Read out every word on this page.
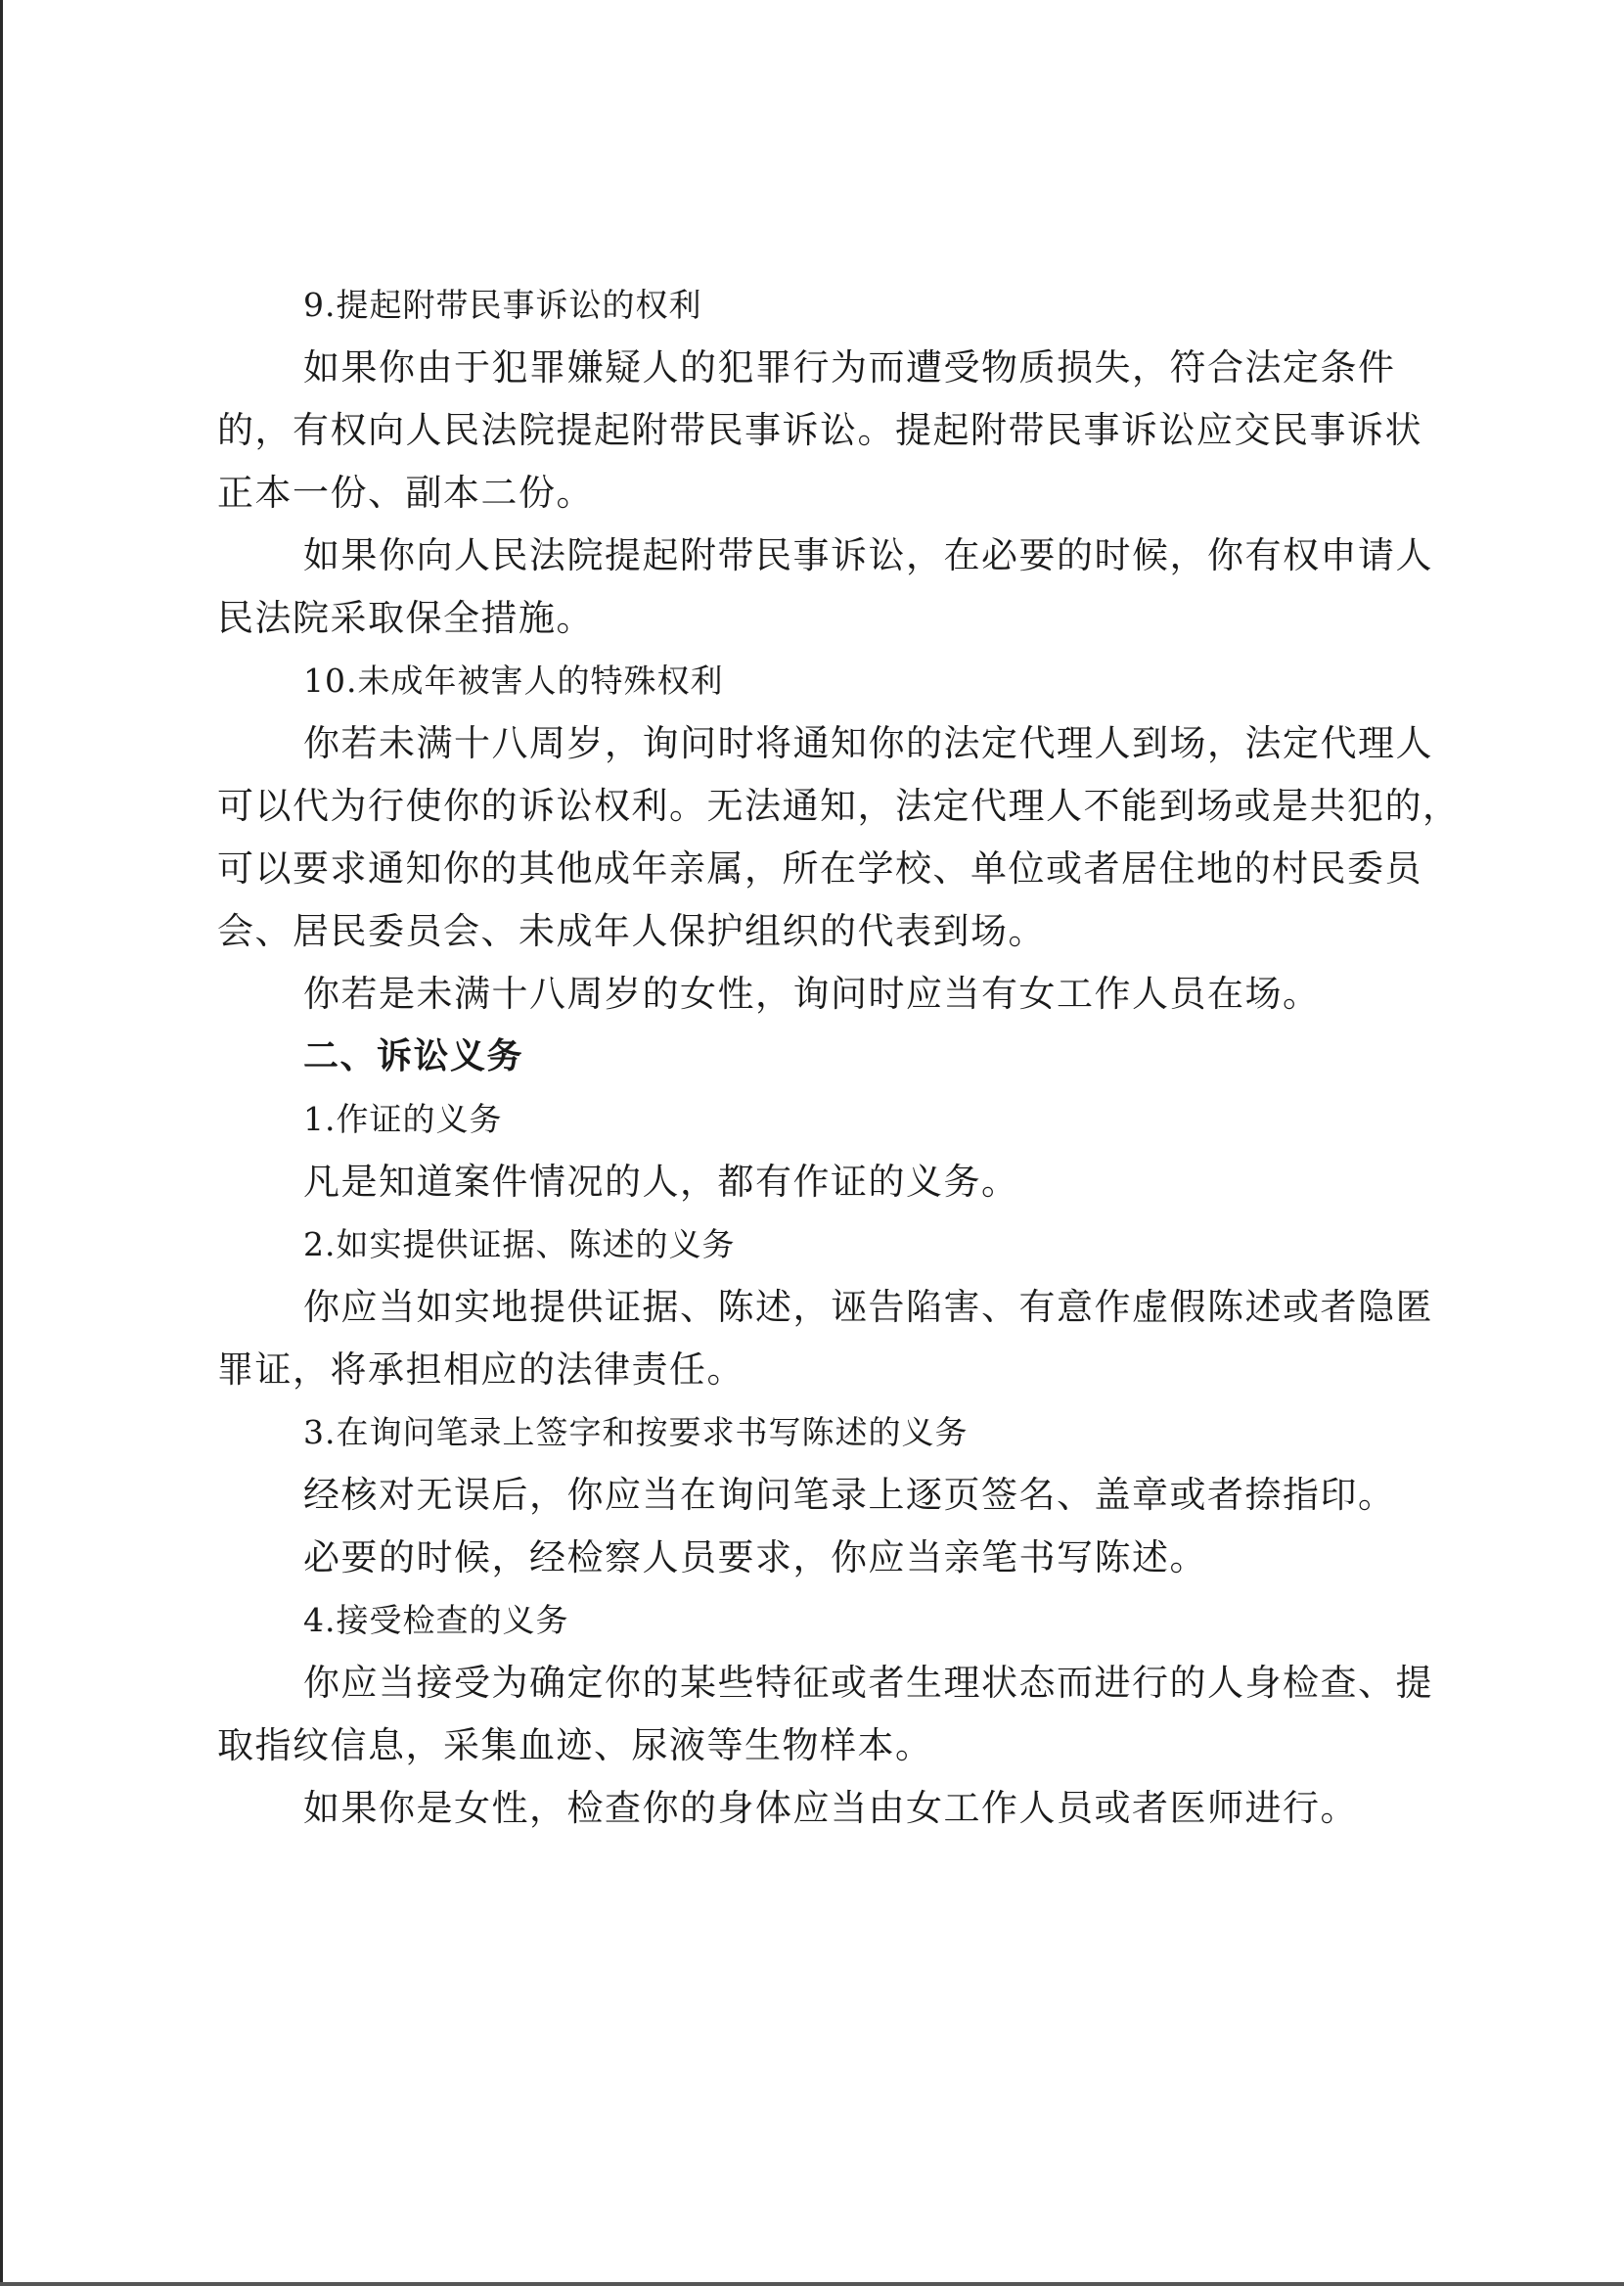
9.提起附带民事诉讼的权利
如果你由于犯罪嫌疑人的犯罪行为而遭受物质损失，符合法定条件
的，有权向人民法院提起附带民事诉讼。提起附带民事诉讼应交民事诉状
正本一份、副本二份。
如果你向人民法院提起附带民事诉讼，在必要的时候，你有权申请人
民法院采取保全措施。
10.未成年被害人的特殊权利
你若未满十八周岁，询问时将通知你的法定代理人到场，法定代理人
可以代为行使你的诉讼权利。无法通知，法定代理人不能到场或是共犯的，
可以要求通知你的其他成年亲属，所在学校、单位或者居住地的村民委员
会、居民委员会、未成年人保护组织的代表到场。
你若是未满十八周岁的女性，询问时应当有女工作人员在场。
二、诉讼义务
1.作证的义务
凡是知道案件情况的人，都有作证的义务。
2.如实提供证据、陈述的义务
你应当如实地提供证据、陈述，诬告陷害、有意作虚假陈述或者隐匿
罪证，将承担相应的法律责任。
3.在询问笔录上签字和按要求书写陈述的义务
经核对无误后，你应当在询问笔录上逐页签名、盖章或者捺指印。
必要的时候，经检察人员要求，你应当亲笔书写陈述。
4.接受检查的义务
你应当接受为确定你的某些特征或者生理状态而进行的人身检查、提
取指纹信息，采集血迹、尿液等生物样本。
如果你是女性，检查你的身体应当由女工作人员或者医师进行。
